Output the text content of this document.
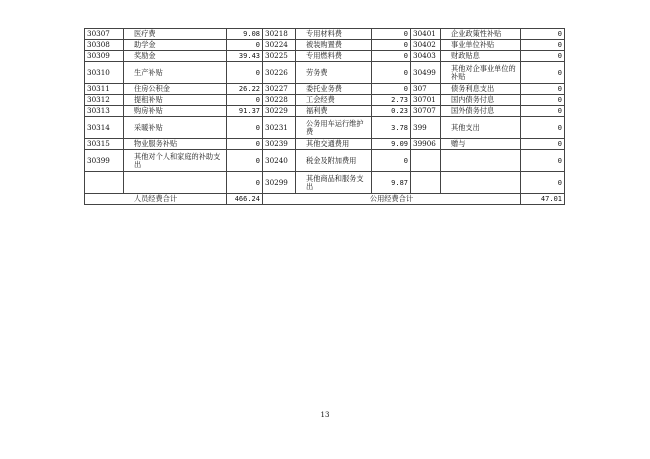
30307	医疗费	9.08	30218	专用材料费	0	30401	企业政策性补贴	0
30308	助学金	0	30224	被装购置费	0	30402	事业单位补贴	0
30309	奖励金	39.43	30225	专用燃料费	0	30403	财政贴息	0
30310	生产补贴	0	30226	劳务费	0	30499	其他对企事业单位的补贴	0
30311	住房公积金	26.22	30227	委托业务费	0	307	债务利息支出	0
30312	提租补贴	0	30228	工会经费	2.73	30701	国内债务付息	0
30313	购房补贴	91.37	30229	福利费	0.23	30707	国外债务付息	0
30314	采暖补贴	0	30231	公务用车运行维护费	3.78	399	其他支出	0
30315	物业服务补贴	0	30239	其他交通费用	9.09	39906	赠与	0
30399	其他对个人和家庭的补助支出	0	30240	税金及附加费用	0			0
		0	30299	其他商品和服务支出	9.87			0
人员经费合计		466.24	公用经费合计					47.01
13
